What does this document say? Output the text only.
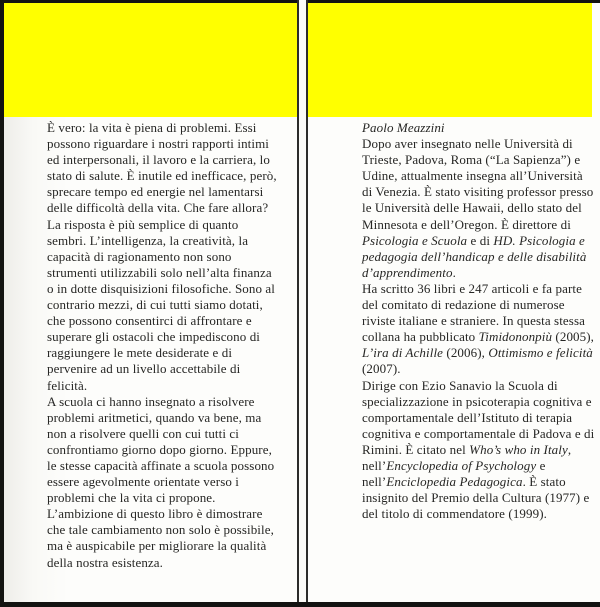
È vero: la vita è piena di problemi. Essi possono riguardare i nostri rapporti intimi ed interpersonali, il lavoro e la carriera, lo stato di salute. È inutile ed inefficace, però, sprecare tempo ed energie nel lamentarsi delle difficoltà della vita. Che fare allora?

La risposta è più semplice di quanto sembri. L’intelligenza, la creatività, la capacità di ragionamento non sono strumenti utilizzabili solo nell’alta finanza o in dotte disquisizioni filosofiche. Sono al contrario mezzi, di cui tutti siamo dotati, che possono consentirci di affrontare e superare gli ostacoli che impediscono di raggiungere le mete desiderate e di pervenire ad un livello accettabile di felicità.

A scuola ci hanno insegnato a risolvere problemi aritmetici, quando va bene, ma non a risolvere quelli con cui tutti ci confrontiamo giorno dopo giorno. Eppure, le stesse capacità affinate a scuola possono essere agevolmente orientate verso i problemi che la vita ci propone. L’ambizione di questo libro è dimostrare che tale cambiamento non solo è possibile, ma è auspicabile per migliorare la qualità della nostra esistenza.

Paolo Meazzini

Dopo aver insegnato nelle Università di Trieste, Padova, Roma (“La Sapienza”) e Udine, attualmente insegna all’Università di Venezia. È stato visiting professor presso le Università delle Hawaii, dello stato del Minnesota e dell’Oregon. È direttore di Psicologia e Scuola e di HD. Psicologia e pedagogia dell’handicap e delle disabilità d’apprendimento.

Ha scritto 36 libri e 247 articoli e fa parte del comitato di redazione di numerose riviste italiane e straniere. In questa stessa collana ha pubblicato Timidononpiù (2005), L’ira di Achille (2006), Ottimismo e felicità (2007).

Dirige con Ezio Sanavio la Scuola di specializzazione in psicoterapia cognitiva e comportamentale dell’Istituto di terapia cognitiva e comportamentale di Padova e di Rimini. È citato nel Who’s who in Italy, nell’Encyclopedia of Psychology e nell’Enciclopedia Pedagogica. È stato insignito del Premio della Cultura (1977) e del titolo di commendatore (1999).
